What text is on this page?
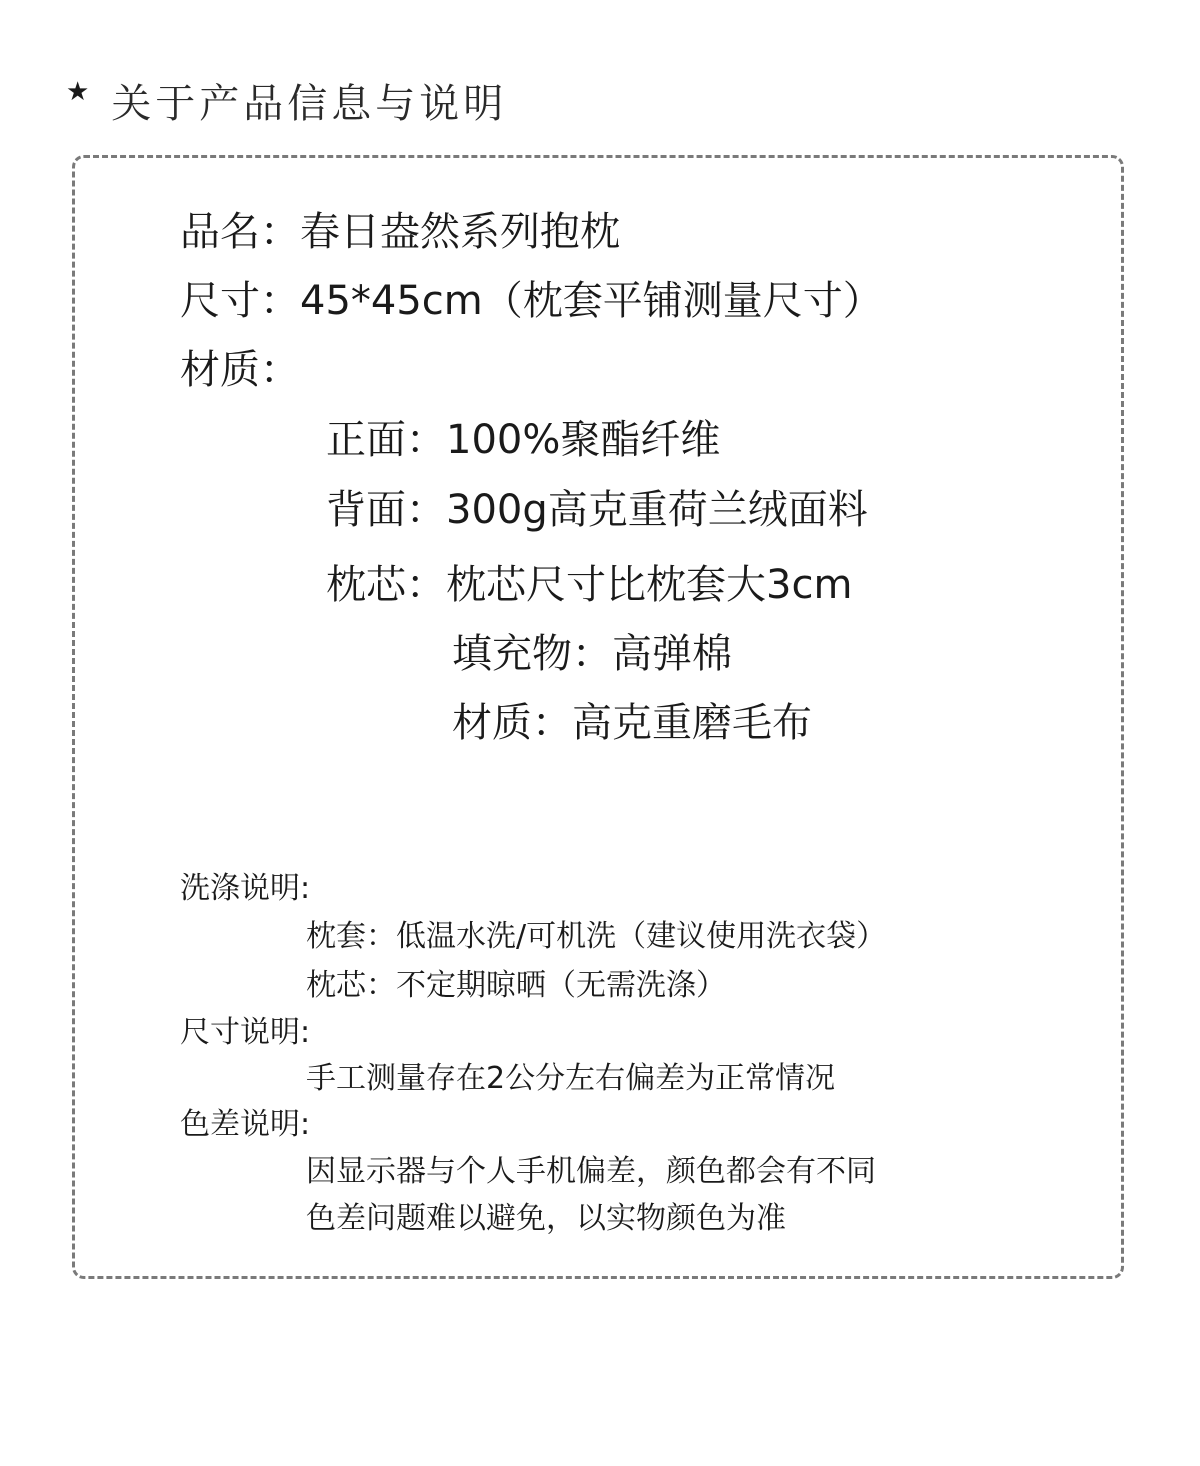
★ 关于产品信息与说明
品名：春日盎然系列抱枕
尺寸：45*45cm（枕套平铺测量尺寸）
材质：
正面：100%聚酯纤维
背面：300g高克重荷兰绒面料
枕芯：枕芯尺寸比枕套大3cm
填充物：高弹棉
材质：高克重磨毛布
洗涤说明:
枕套：低温水洗/可机洗（建议使用洗衣袋）
枕芯：不定期晾晒（无需洗涤）
尺寸说明:
手工测量存在2公分左右偏差为正常情况
色差说明:
因显示器与个人手机偏差，颜色都会有不同
色差问题难以避免，以实物颜色为准
